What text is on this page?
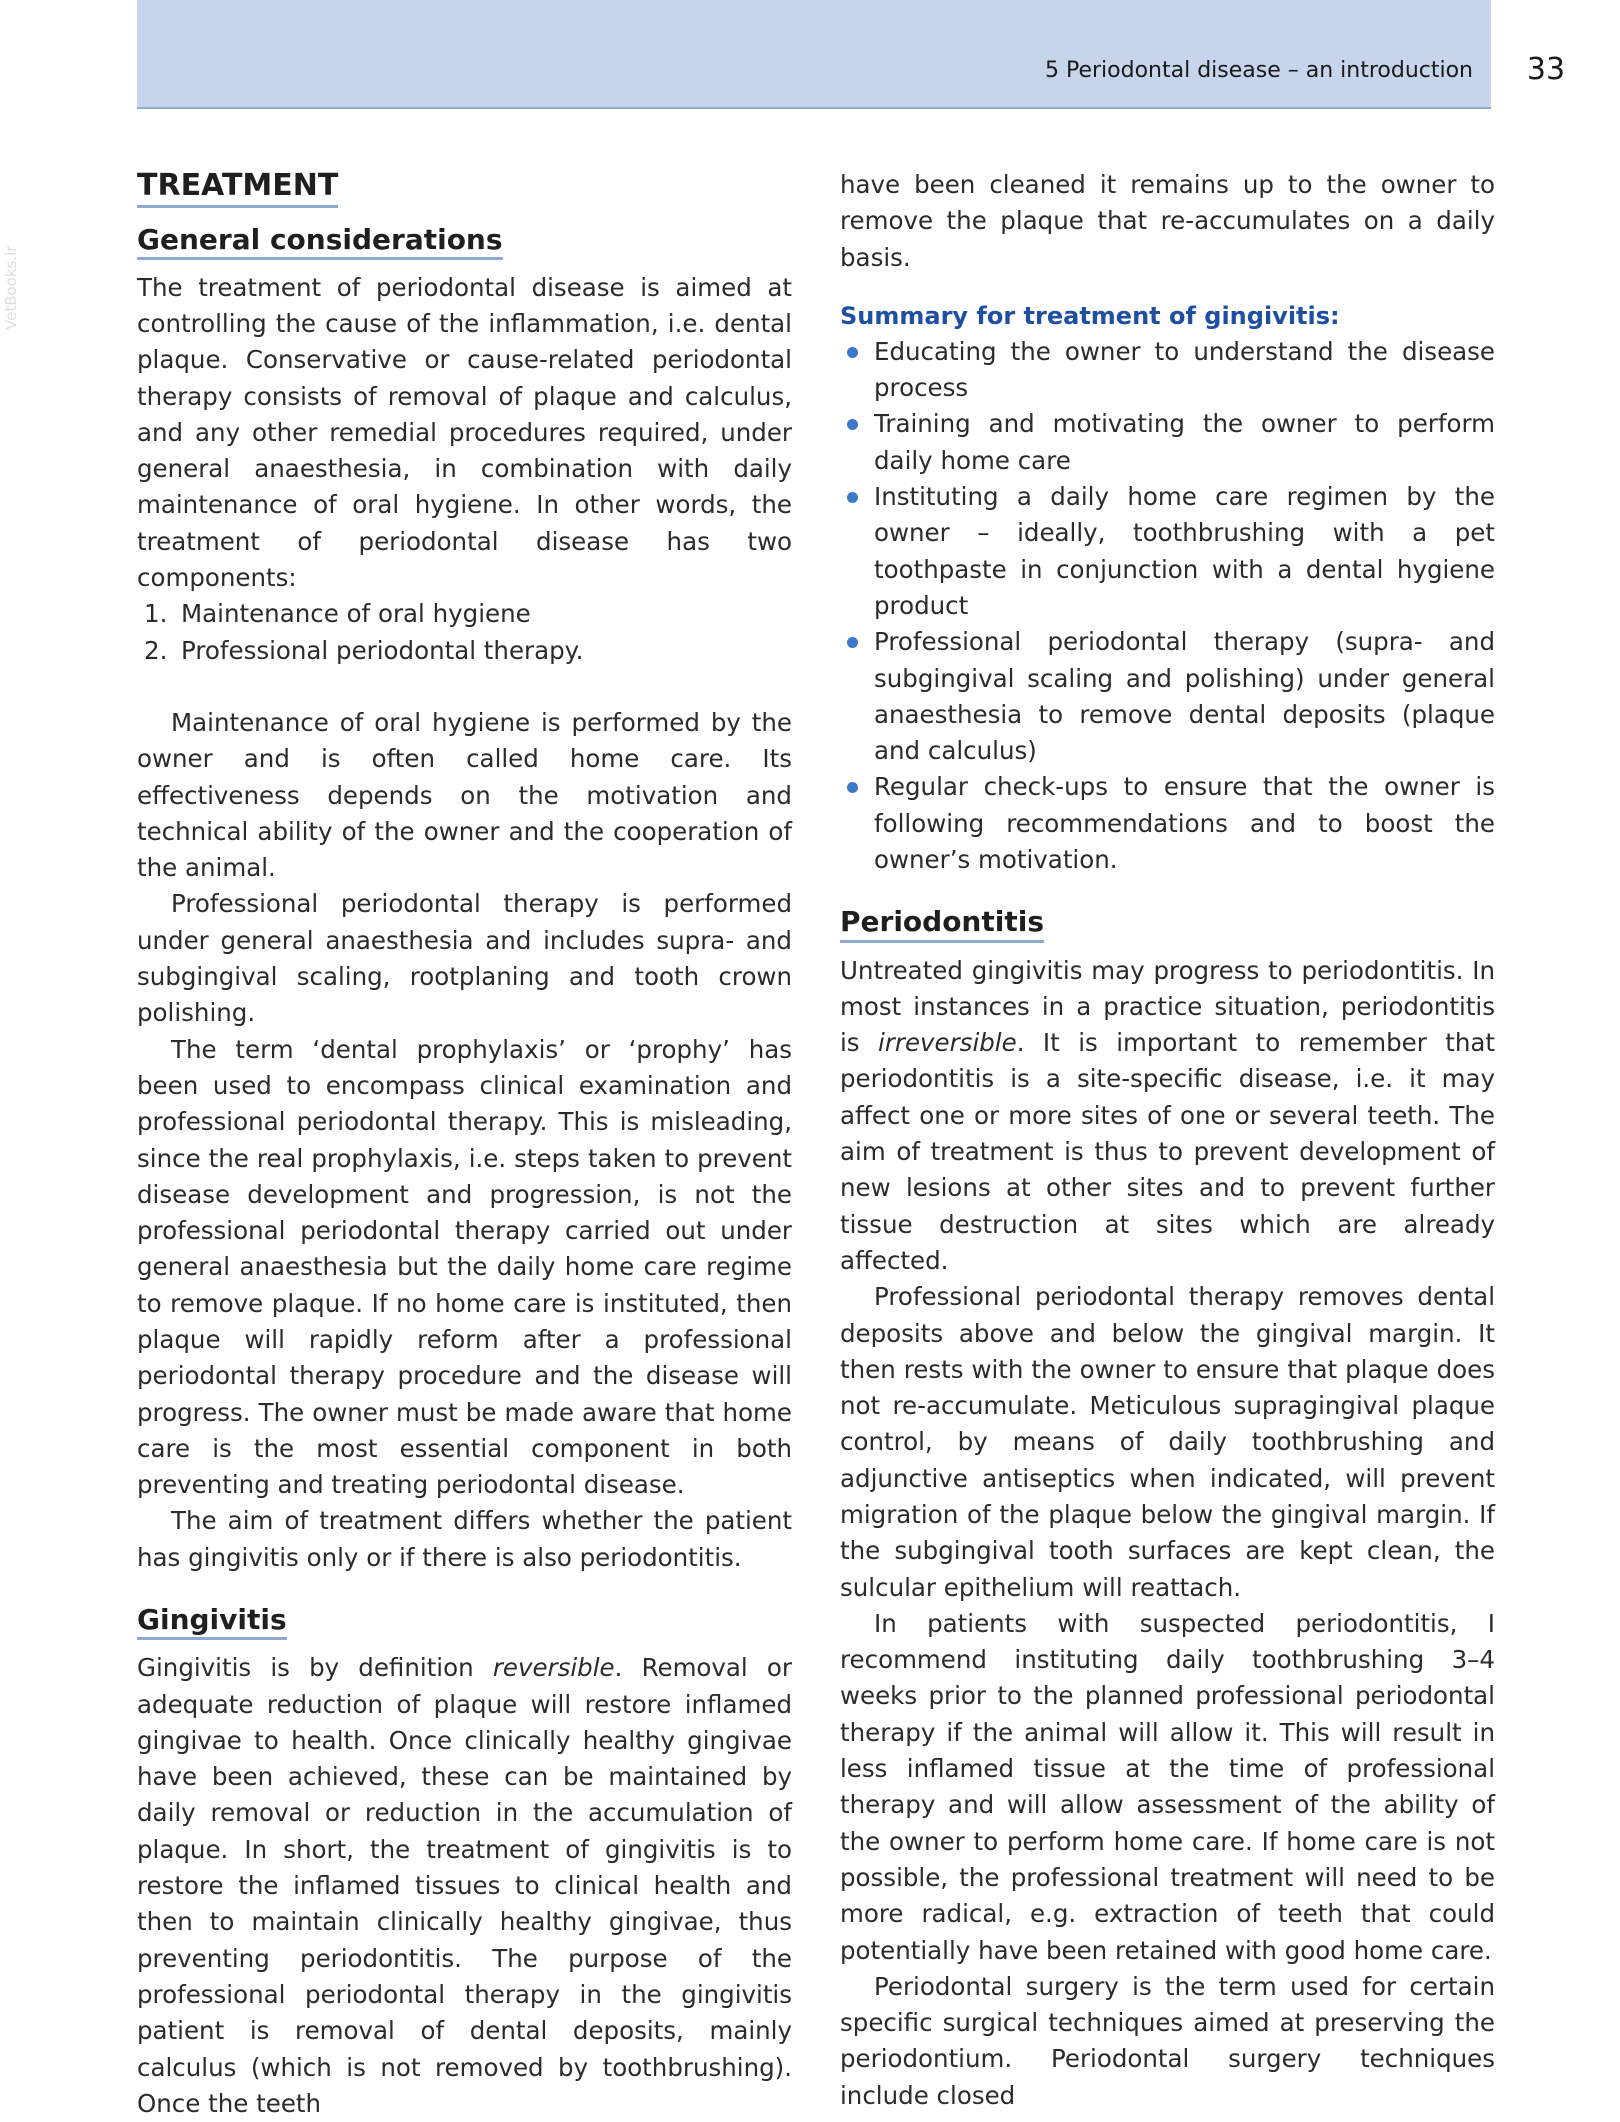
5 Periodontal disease – an introduction	33
VetBooks.ir
TREATMENT
General considerations

The treatment of periodontal disease is aimed at controlling the cause of the inflammation, i.e. dental plaque. Conservative or cause-related periodontal therapy consists of removal of plaque and calculus, and any other remedial procedures required, under general anaesthesia, in combination with daily maintenance of oral hygiene. In other words, the treatment of periodontal disease has two components:

1. Maintenance of oral hygiene
2. Professional periodontal therapy.

Maintenance of oral hygiene is performed by the owner and is often called home care. Its effectiveness depends on the motivation and technical ability of the owner and the cooperation of the animal.

Professional periodontal therapy is performed under general anaesthesia and includes supra- and subgingival scaling, rootplaning and tooth crown polishing.

The term ‘dental prophylaxis’ or ‘prophy’ has been used to encompass clinical examination and professional periodontal therapy. This is misleading, since the real prophylaxis, i.e. steps taken to prevent disease development and progression, is not the professional periodontal therapy carried out under general anaesthesia but the daily home care regime to remove plaque. If no home care is instituted, then plaque will rapidly reform after a professional periodontal therapy procedure and the disease will progress. The owner must be made aware that home care is the most essential component in both preventing and treating periodontal disease.

The aim of treatment differs whether the patient has gingivitis only or if there is also periodontitis.

Gingivitis

Gingivitis is by definition reversible. Removal or adequate reduction of plaque will restore inflamed gingivae to health. Once clinically healthy gingivae have been achieved, these can be maintained by daily removal or reduction in the accumulation of plaque. In short, the treatment of gingivitis is to restore the inflamed tissues to clinical health and then to maintain clinically healthy gingivae, thus preventing periodontitis. The purpose of the professional periodontal therapy in the gingivitis patient is removal of dental deposits, mainly calculus (which is not removed by toothbrushing). Once the teeth

have been cleaned it remains up to the owner to remove the plaque that re-accumulates on a daily basis.

Summary for treatment of gingivitis:
Educating the owner to understand the disease process
Training and motivating the owner to perform daily home care
Instituting a daily home care regimen by the owner – ideally, toothbrushing with a pet toothpaste in conjunction with a dental hygiene product
Professional periodontal therapy (supra- and subgingival scaling and polishing) under general anaesthesia to remove dental deposits (plaque and calculus)
Regular check-ups to ensure that the owner is following recommendations and to boost the owner’s motivation.
Periodontitis

Untreated gingivitis may progress to periodontitis. In most instances in a practice situation, periodontitis is irreversible. It is important to remember that periodontitis is a site-specific disease, i.e. it may affect one or more sites of one or several teeth. The aim of treatment is thus to prevent development of new lesions at other sites and to prevent further tissue destruction at sites which are already affected.

Professional periodontal therapy removes dental deposits above and below the gingival margin. It then rests with the owner to ensure that plaque does not re-accumulate. Meticulous supragingival plaque control, by means of daily toothbrushing and adjunctive antiseptics when indicated, will prevent migration of the plaque below the gingival margin. If the subgingival tooth surfaces are kept clean, the sulcular epithelium will reattach.

In patients with suspected periodontitis, I recommend instituting daily toothbrushing 3–4 weeks prior to the planned professional periodontal therapy if the animal will allow it. This will result in less inflamed tissue at the time of professional therapy and will allow assessment of the ability of the owner to perform home care. If home care is not possible, the professional treatment will need to be more radical, e.g. extraction of teeth that could potentially have been retained with good home care.

Periodontal surgery is the term used for certain specific surgical techniques aimed at preserving the periodontium. Periodontal surgery techniques include closed
